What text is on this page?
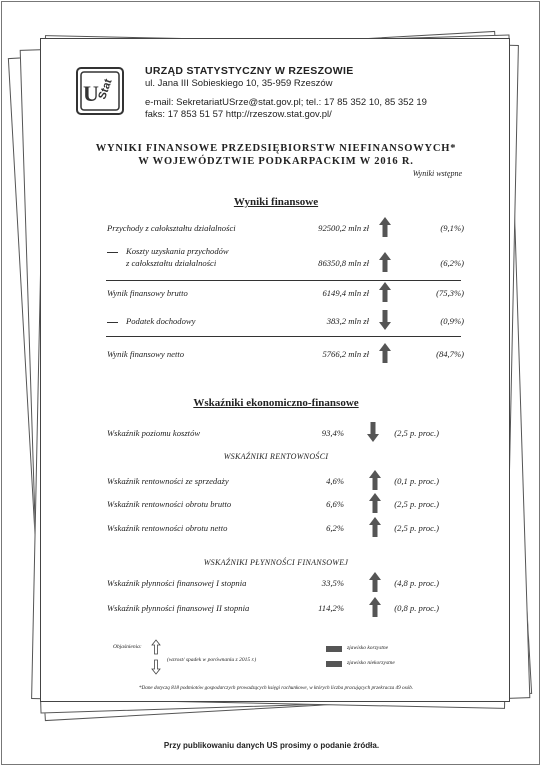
U
Stat
URZĄD STATYSTYCZNY W RZESZOWIE
ul. Jana III Sobieskiego 10, 35-959 Rzeszów
e-mail: SekretariatUSrze@stat.gov.pl; tel.: 17 85 352 10, 85 352 19
faks: 17 853 51 57 http://rzeszow.stat.gov.pl/
WYNIKI FINANSOWE PRZEDSIĘBIORSTW NIEFINANSOWYCH*
W WOJEWÓDZTWIE PODKARPACKIM W 2016 R.
Wyniki wstępne
Wyniki finansowe
Przychody z całokształtu działalności	92500,2 mln zł	(9,1%)
Koszty uzyskania przychodów
z całokształtu działalności	86350,8 mln zł	(6,2%)
Wynik finansowy brutto	6149,4 mln zł	(75,3%)
Podatek dochodowy	383,2 mln zł	(0,9%)
Wynik finansowy netto	5766,2 mln zł	(84,7%)
Wskaźniki ekonomiczno-finansowe
Wskaźnik poziomu kosztów	93,4%	(2,5 p. proc.)
Wskaźnik rentowności ze sprzedaży	4,6%	(0,1 p. proc.)
Wskaźnik rentowności obrotu brutto	6,6%	(2,5 p. proc.)
Wskaźnik rentowności obrotu netto	6,2%	(2,5 p. proc.)
Wskaźnik płynności finansowej I stopnia	33,5%	(4,8 p. proc.)
Wskaźnik płynności finansowej II stopnia	114,2%	(0,8 p. proc.)
WSKAŹNIKI RENTOWNOŚCI
WSKAŹNIKI PŁYNNOŚCI FINANSOWEJ
Objaśnienia:
(wzrost/ spadek w porównaniu z 2015 r.)
zjawisko korzystne
zjawisko niekorzystne
*Dane dotyczą 818 podmiotów gospodarczych prowadzących księgi rachunkowe, w których liczba pracujących przekracza 49 osób.
Przy publikowaniu danych US prosimy o podanie źródła.
